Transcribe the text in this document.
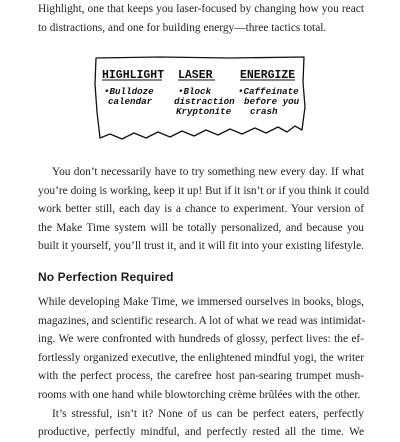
Highlight, one that keeps you laser-focused by changing how you react
to distractions, and one for building energy—three tactics total.
HIGHLIGHT
•Bulldoze
calendar
LASER
•Block
distraction
Kryptonite
ENERGIZE
•Caffeinate
before you
crash
You don’t necessarily have to try something new every day. If what
you’re doing is working, keep it up! But if it isn’t or if you think it could
work better still, each day is a chance to experiment. Your version of
the Make Time system will be totally personalized, and because you
built it yourself, you’ll trust it, and it will fit into your existing lifestyle.
No Perfection Required
While developing Make Time, we immersed ourselves in books, blogs,
magazines, and scientific research. A lot of what we read was intimidat-
ing. We were confronted with hundreds of glossy, perfect lives: the ef-
fortlessly organized executive, the enlightened mindful yogi, the writer
with the perfect process, the carefree host pan-searing trumpet mush-
rooms with one hand while blowtorching crème brûlées with the other.
It’s stressful, isn’t it? None of us can be perfect eaters, perfectly
productive, perfectly mindful, and perfectly rested all the time. We
